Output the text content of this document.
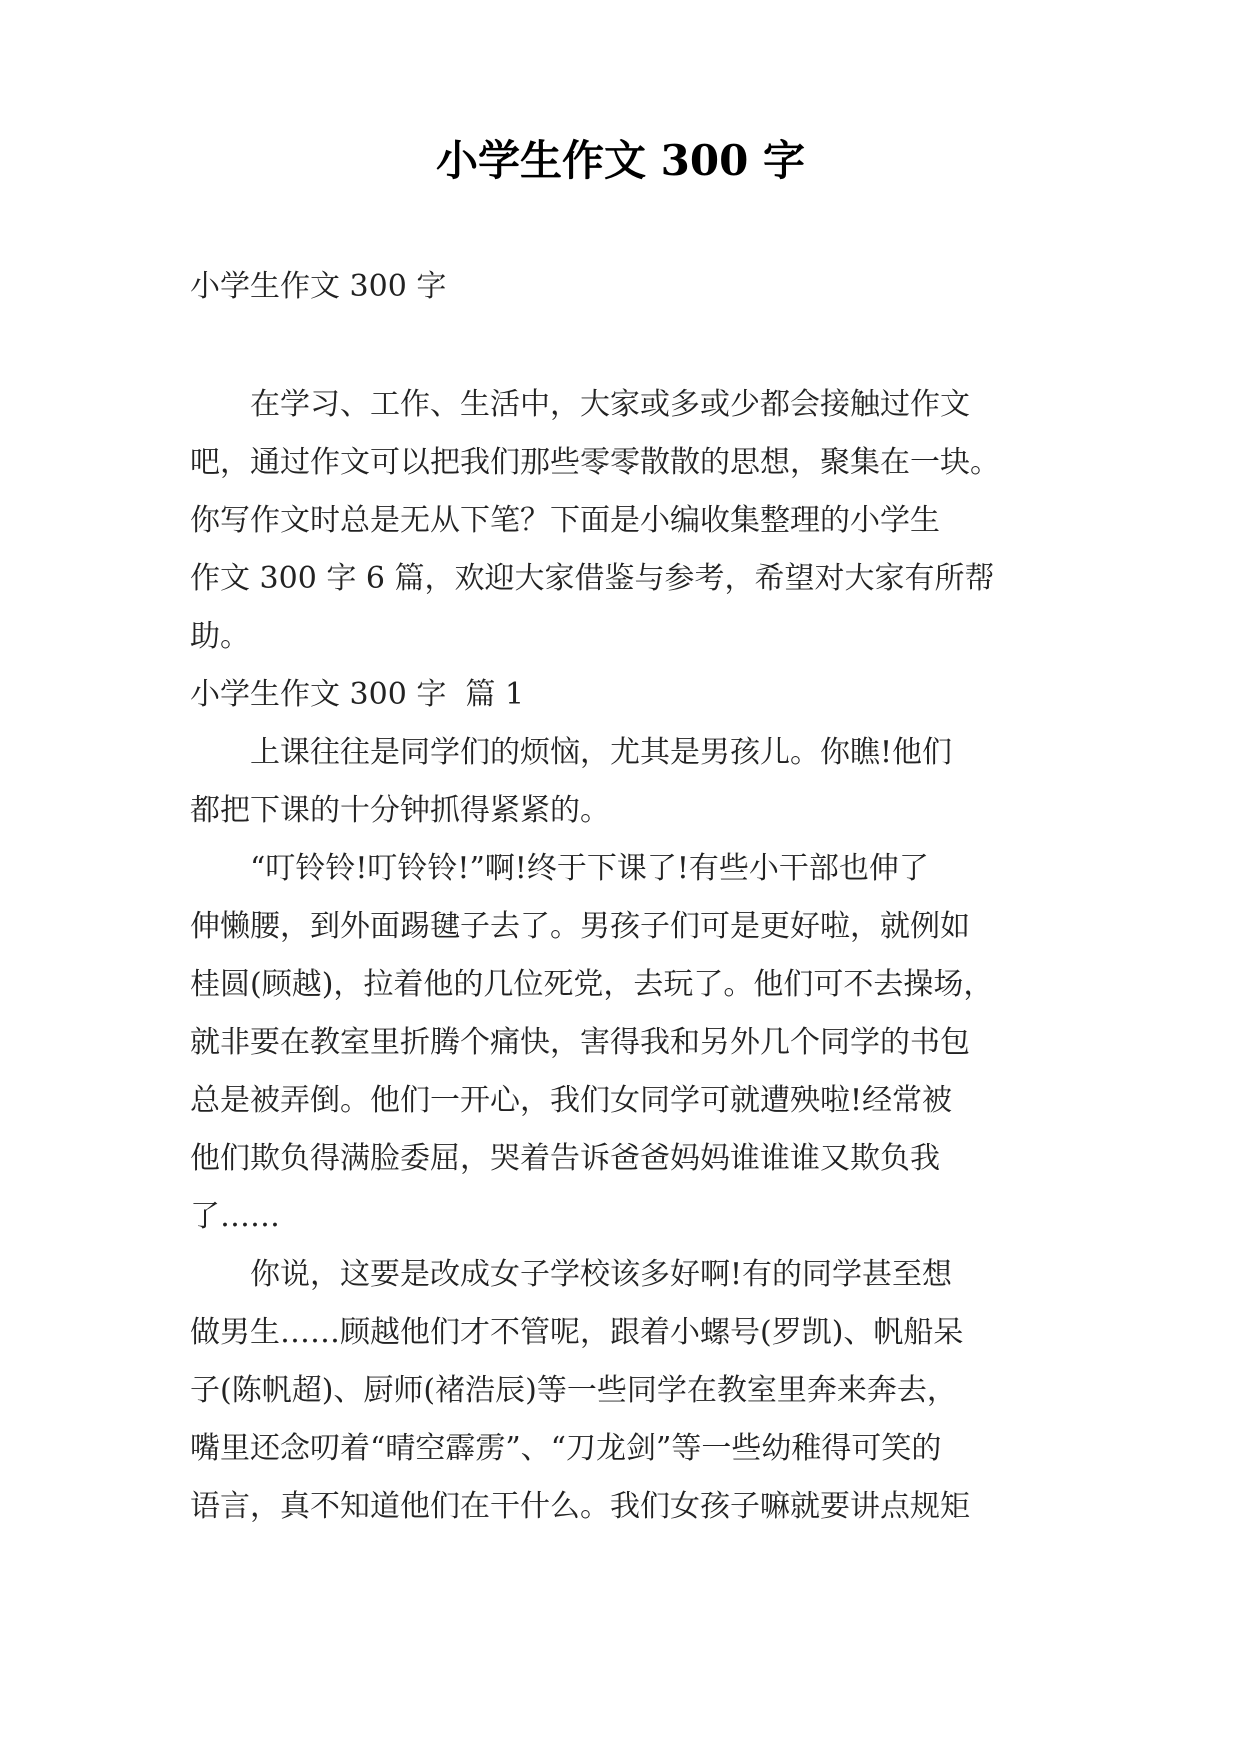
小学生作文 300 字

小学生作文 300 字

　　在学习、工作、生活中，大家或多或少都会接触过作文

吧，通过作文可以把我们那些零零散散的思想，聚集在一块。

你写作文时总是无从下笔？下面是小编收集整理的小学生

作文 300 字 6 篇，欢迎大家借鉴与参考，希望对大家有所帮

助。

小学生作文 300 字  篇 1

　　上课往往是同学们的烦恼，尤其是男孩儿。你瞧!他们

都把下课的十分钟抓得紧紧的。

　　“叮铃铃!叮铃铃!”啊!终于下课了!有些小干部也伸了

伸懒腰，到外面踢毽子去了。男孩子们可是更好啦，就例如

桂圆(顾越)，拉着他的几位死党，去玩了。他们可不去操场，

就非要在教室里折腾个痛快，害得我和另外几个同学的书包

总是被弄倒。他们一开心，我们女同学可就遭殃啦!经常被

他们欺负得满脸委屈，哭着告诉爸爸妈妈谁谁谁又欺负我

了……

　　你说，这要是改成女子学校该多好啊!有的同学甚至想

做男生……顾越他们才不管呢，跟着小螺号(罗凯)、帆船呆

子(陈帆超)、厨师(褚浩辰)等一些同学在教室里奔来奔去，

嘴里还念叨着“晴空霹雳”、“刀龙剑”等一些幼稚得可笑的

语言，真不知道他们在干什么。我们女孩子嘛就要讲点规矩
